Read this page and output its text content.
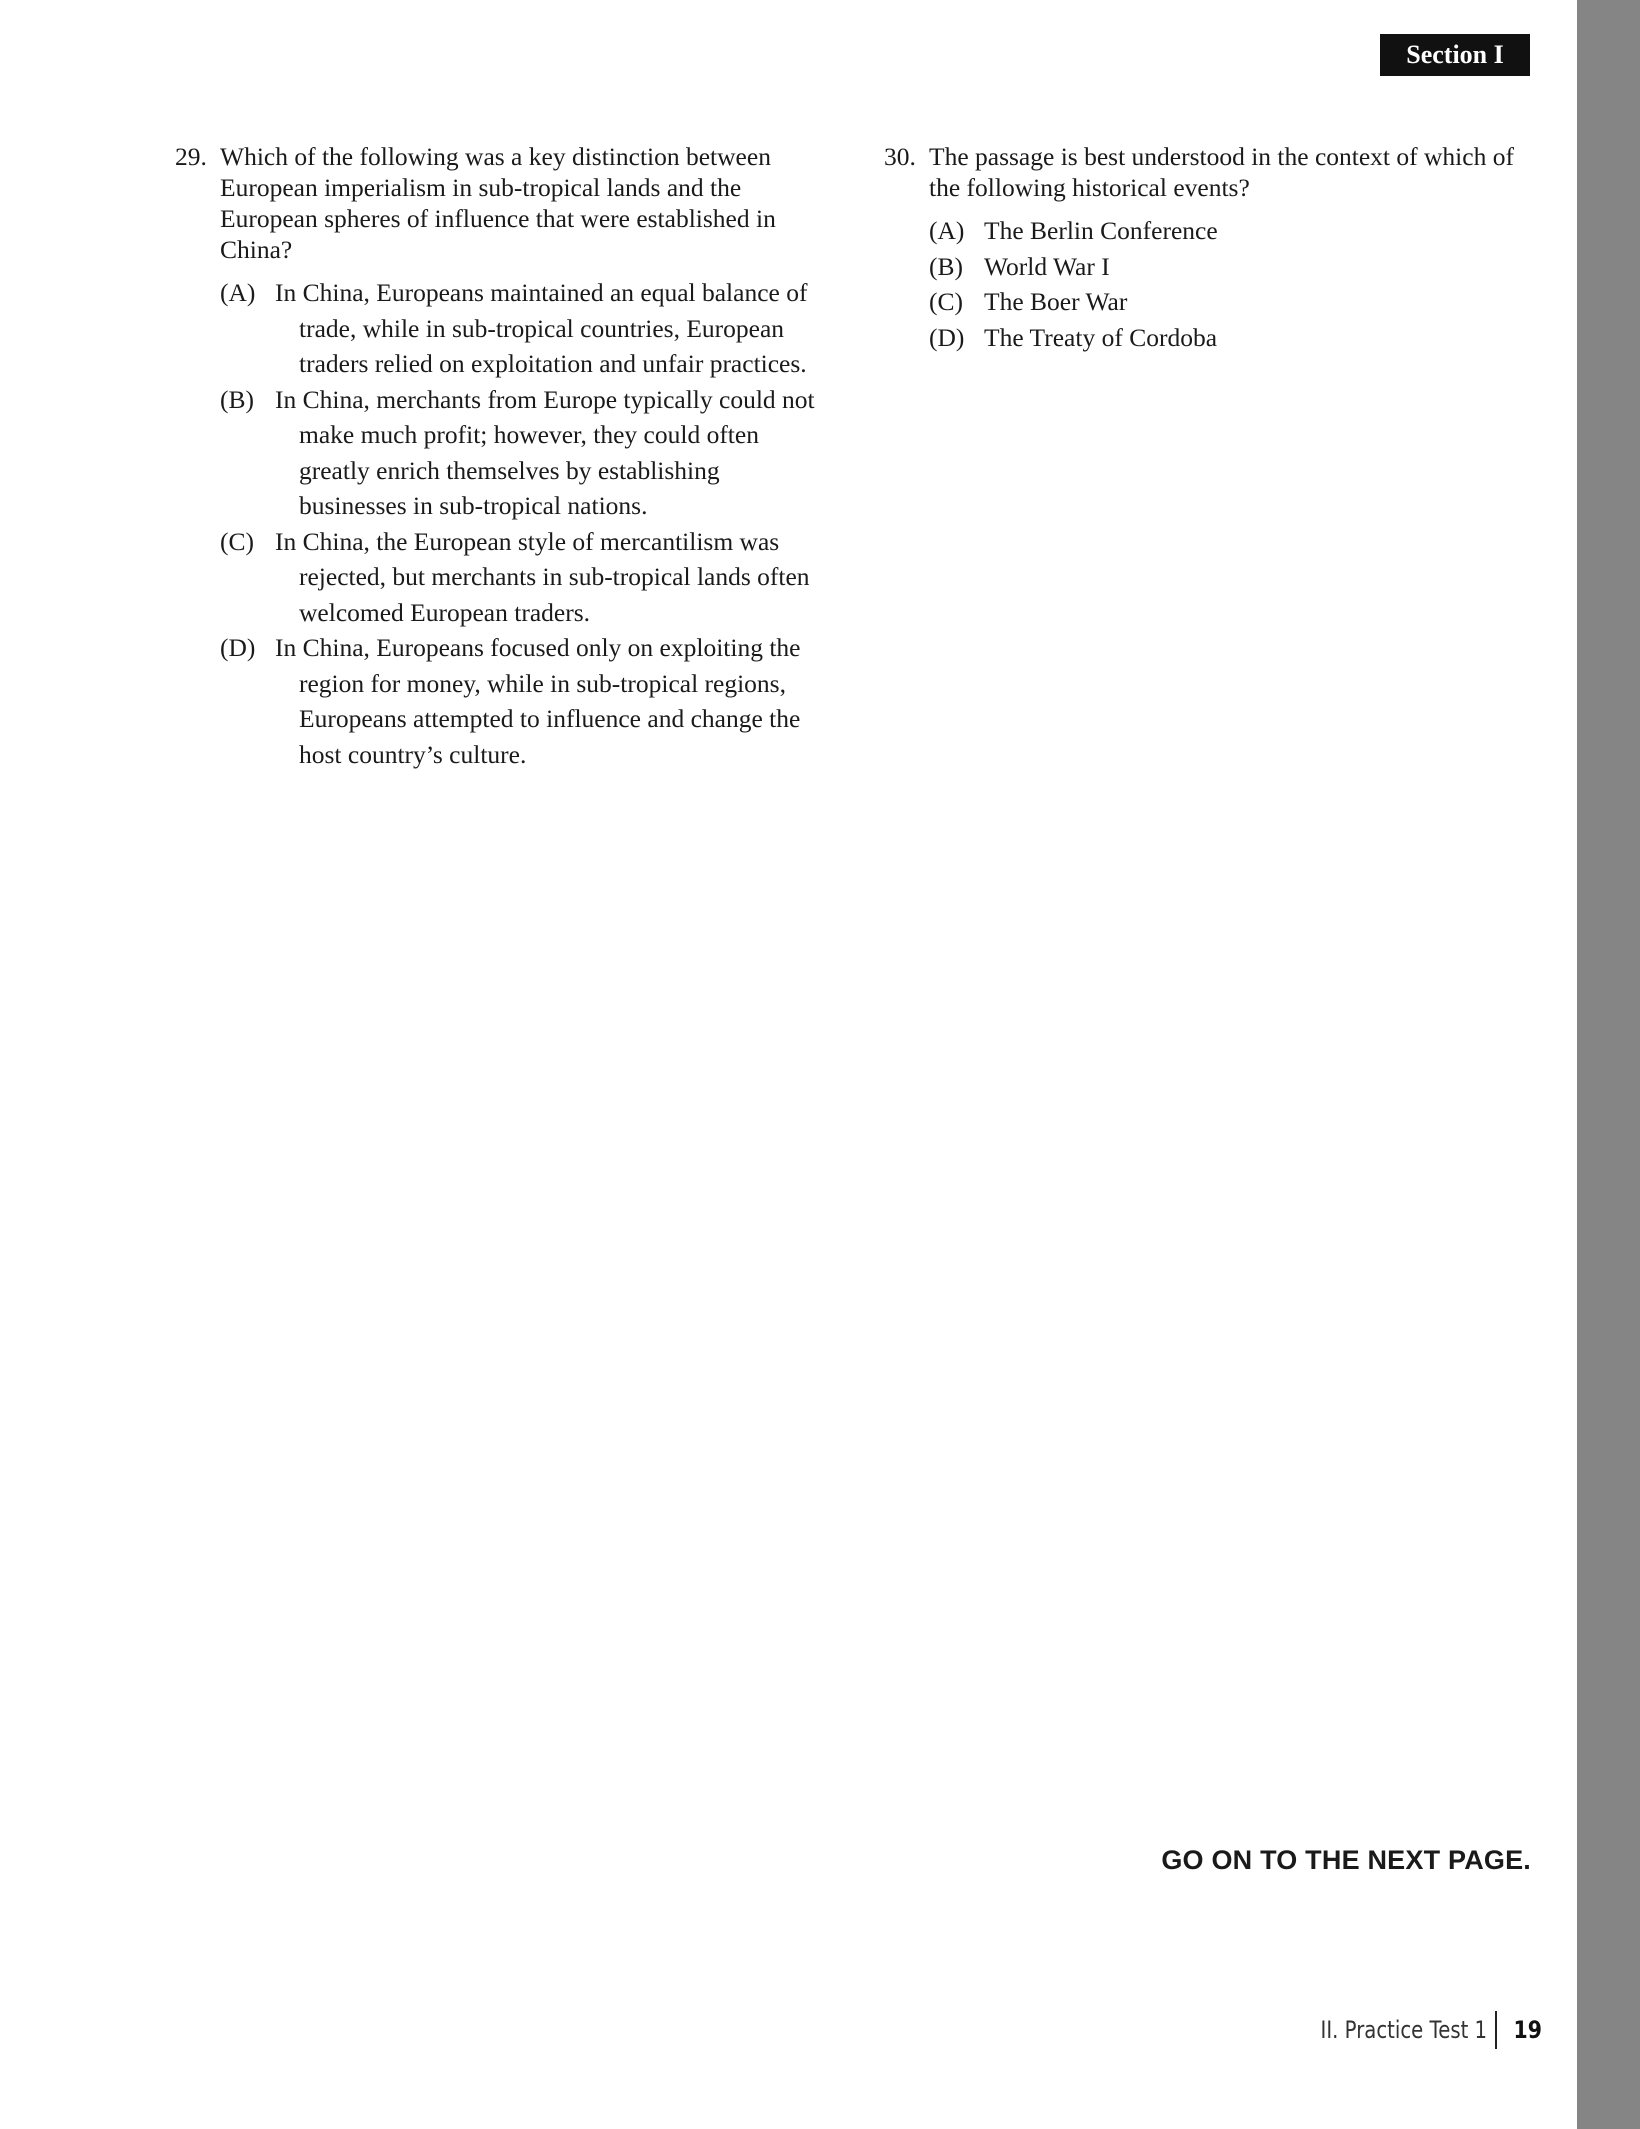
Section I
29. Which of the following was a key distinction between European imperialism in sub-tropical lands and the European spheres of influence that were established in China?
(A) In China, Europeans maintained an equal balance of trade, while in sub-tropical countries, European traders relied on exploitation and unfair practices.
(B) In China, merchants from Europe typically could not make much profit; however, they could often greatly enrich themselves by establishing businesses in sub-tropical nations.
(C) In China, the European style of mercantilism was rejected, but merchants in sub-tropical lands often welcomed European traders.
(D) In China, Europeans focused only on exploiting the region for money, while in sub-tropical regions, Europeans attempted to influence and change the host country’s culture.
30. The passage is best understood in the context of which of the following historical events?
(A) The Berlin Conference
(B) World War I
(C) The Boer War
(D) The Treaty of Cordoba
GO ON TO THE NEXT PAGE.
II. Practice Test 1 19
